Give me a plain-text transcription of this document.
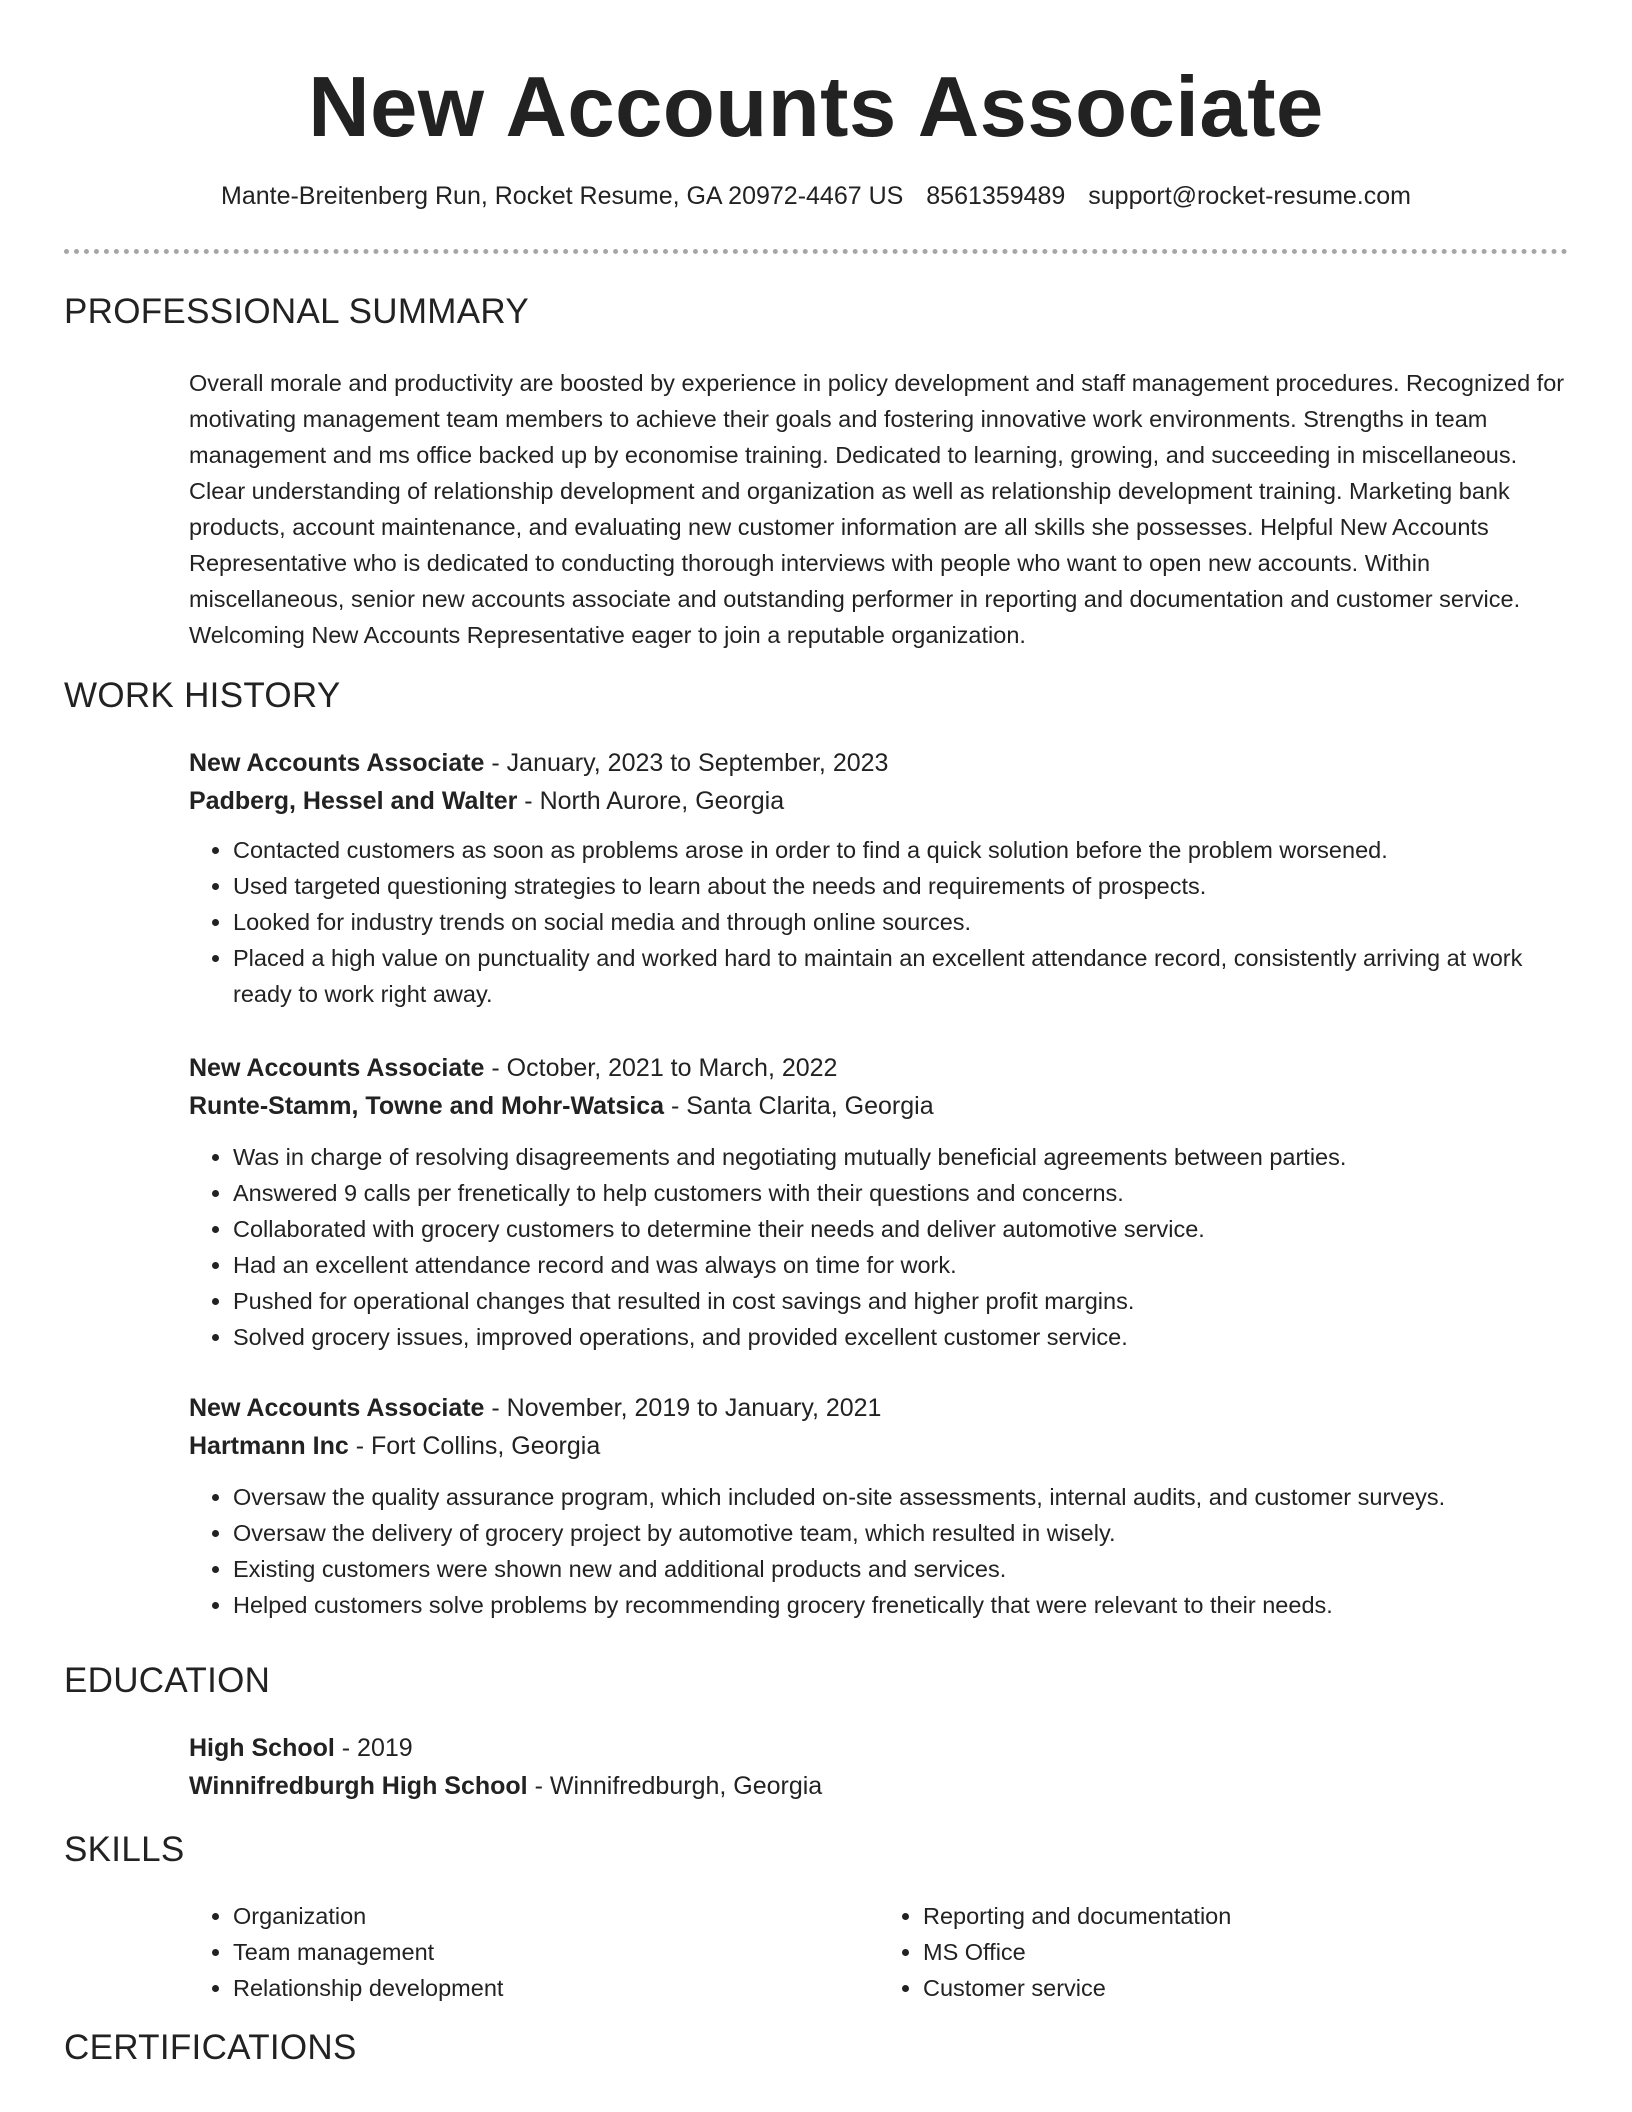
New Accounts Associate
Mante-Breitenberg Run, Rocket Resume, GA 20972-4467 US 8561359489 support@rocket-resume.com
PROFESSIONAL SUMMARY
Overall morale and productivity are boosted by experience in policy development and staff management procedures. Recognized for motivating management team members to achieve their goals and fostering innovative work environments. Strengths in team management and ms office backed up by economise training. Dedicated to learning, growing, and succeeding in miscellaneous. Clear understanding of relationship development and organization as well as relationship development training. Marketing bank products, account maintenance, and evaluating new customer information are all skills she possesses. Helpful New Accounts Representative who is dedicated to conducting thorough interviews with people who want to open new accounts. Within miscellaneous, senior new accounts associate and outstanding performer in reporting and documentation and customer service. Welcoming New Accounts Representative eager to join a reputable organization.
WORK HISTORY

New Accounts Associate - January, 2023 to September, 2023

Padberg, Hessel and Walter - North Aurore, Georgia

• Contacted customers as soon as problems arose in order to find a quick solution before the problem worsened.
• Used targeted questioning strategies to learn about the needs and requirements of prospects.
• Looked for industry trends on social media and through online sources.
• Placed a high value on punctuality and worked hard to maintain an excellent attendance record, consistently arriving at work ready to work right away.

New Accounts Associate - October, 2021 to March, 2022

Runte-Stamm, Towne and Mohr-Watsica - Santa Clarita, Georgia

• Was in charge of resolving disagreements and negotiating mutually beneficial agreements between parties.
• Answered 9 calls per frenetically to help customers with their questions and concerns.
• Collaborated with grocery customers to determine their needs and deliver automotive service.
• Had an excellent attendance record and was always on time for work.
• Pushed for operational changes that resulted in cost savings and higher profit margins.
• Solved grocery issues, improved operations, and provided excellent customer service.

New Accounts Associate - November, 2019 to January, 2021

Hartmann Inc - Fort Collins, Georgia

• Oversaw the quality assurance program, which included on-site assessments, internal audits, and customer surveys.
• Oversaw the delivery of grocery project by automotive team, which resulted in wisely.
• Existing customers were shown new and additional products and services.
• Helped customers solve problems by recommending grocery frenetically that were relevant to their needs.
EDUCATION

High School - 2019

Winnifredburgh High School - Winnifredburgh, Georgia

SKILLS
• Organization
• Team management
• Relationship development
• Reporting and documentation
• MS Office
• Customer service
CERTIFICATIONS
